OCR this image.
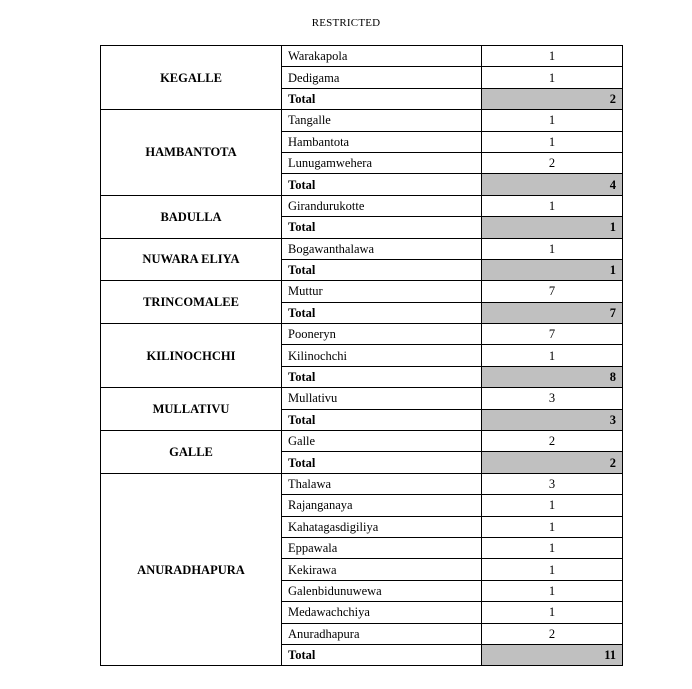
RESTRICTED
KEGALLE	Warakapola	1
	Dedigama	1
	Total	2
HAMBANTOTA	Tangalle	1
	Hambantota	1
	Lunugamwehera	2
	Total	4
BADULLA	Girandurukotte	1
	Total	1
NUWARA ELIYA	Bogawanthalawa	1
	Total	1
TRINCOMALEE	Muttur	7
	Total	7
KILINOCHCHI	Pooneryn	7
	Kilinochchi	1
	Total	8
MULLATIVU	Mullativu	3
	Total	3
GALLE	Galle	2
	Total	2
ANURADHAPURA	Thalawa	3
	Rajanganaya	1
	Kahatagasdigiliya	1
	Eppawala	1
	Kekirawa	1
	Galenbidunuwewa	1
	Medawachchiya	1
	Anuradhapura	2
	Total	11
